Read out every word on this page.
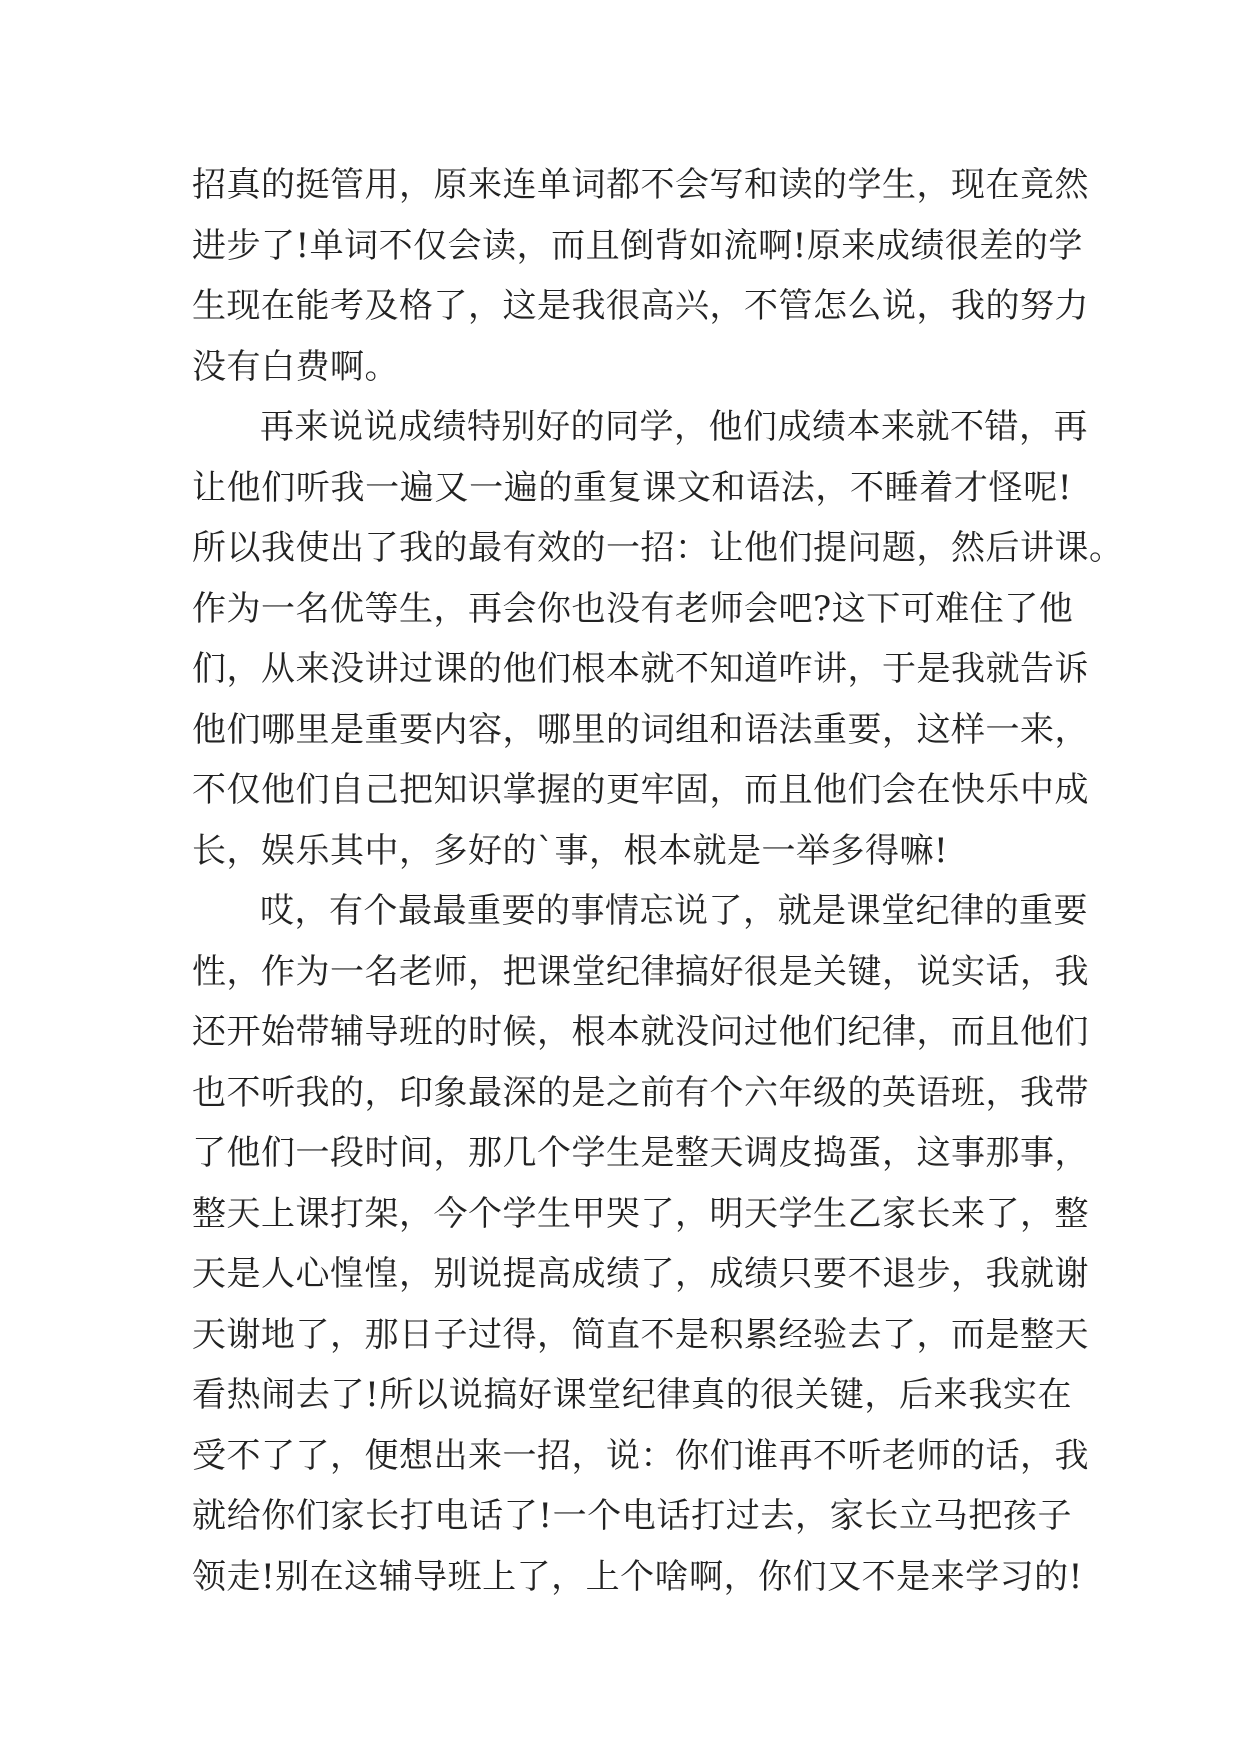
招真的挺管用，原来连单词都不会写和读的学生，现在竟然
进步了!单词不仅会读，而且倒背如流啊!原来成绩很差的学
生现在能考及格了，这是我很高兴，不管怎么说，我的努力
没有白费啊。
再来说说成绩特别好的同学，他们成绩本来就不错，再
让他们听我一遍又一遍的重复课文和语法，不睡着才怪呢!
所以我使出了我的最有效的一招：让他们提问题，然后讲课。
作为一名优等生，再会你也没有老师会吧?这下可难住了他
们，从来没讲过课的他们根本就不知道咋讲，于是我就告诉
他们哪里是重要内容，哪里的词组和语法重要，这样一来，
不仅他们自己把知识掌握的更牢固，而且他们会在快乐中成
长，娱乐其中，多好的`事，根本就是一举多得嘛!
哎，有个最最重要的事情忘说了，就是课堂纪律的重要
性，作为一名老师，把课堂纪律搞好很是关键，说实话，我
还开始带辅导班的时候，根本就没问过他们纪律，而且他们
也不听我的，印象最深的是之前有个六年级的英语班，我带
了他们一段时间，那几个学生是整天调皮捣蛋，这事那事，
整天上课打架，今个学生甲哭了，明天学生乙家长来了，整
天是人心惶惶，别说提高成绩了，成绩只要不退步，我就谢
天谢地了，那日子过得，简直不是积累经验去了，而是整天
看热闹去了!所以说搞好课堂纪律真的很关键，后来我实在
受不了了，便想出来一招，说：你们谁再不听老师的话，我
就给你们家长打电话了!一个电话打过去，家长立马把孩子
领走!别在这辅导班上了，上个啥啊，你们又不是来学习的!
